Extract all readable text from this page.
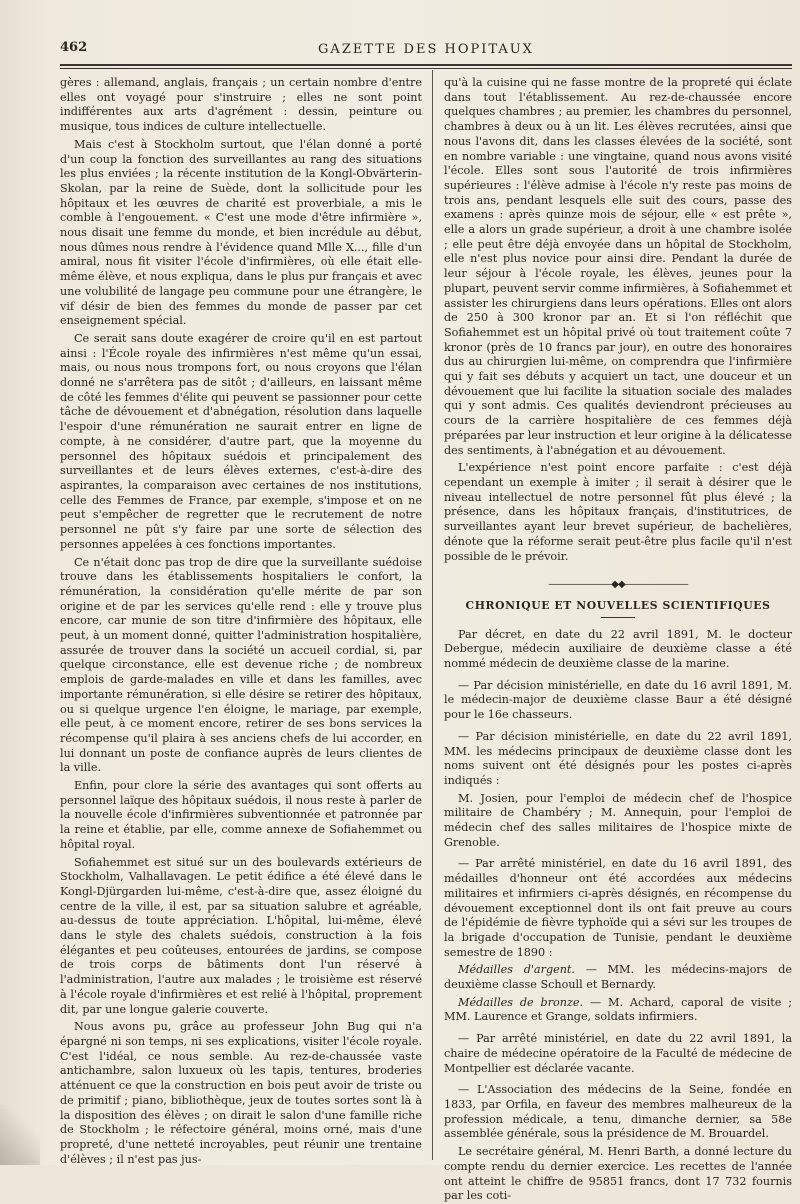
462	GAZETTE DES HOPITAUX

gères : allemand, anglais, français ; un certain nombre d'entre elles ont voyagé pour s'instruire ; elles ne sont point indifférentes aux arts d'agrément : dessin, peinture ou musique, tous indices de culture intellectuelle.

Mais c'est à Stockholm surtout, que l'élan donné a porté d'un coup la fonction des surveillantes au rang des situations les plus enviées ; la récente institution de la Kongl-Obvärterin-Skolan, par la reine de Suède, dont la sollicitude pour les hôpitaux et les œuvres de charité est proverbiale, a mis le comble à l'engouement. « C'est une mode d'être infirmière », nous disait une femme du monde, et bien incrédule au début, nous dûmes nous rendre à l'évidence quand Mlle X..., fille d'un amiral, nous fit visiter l'école d'infirmières, où elle était elle-même élève, et nous expliqua, dans le plus pur français et avec une volubilité de langage peu commune pour une étrangère, le vif désir de bien des femmes du monde de passer par cet enseignement spécial.

Ce serait sans doute exagérer de croire qu'il en est partout ainsi : l'École royale des infirmières n'est même qu'un essai, mais, ou nous nous trompons fort, ou nous croyons que l'élan donné ne s'arrêtera pas de sitôt ; d'ailleurs, en laissant même de côté les femmes d'élite qui peuvent se passionner pour cette tâche de dévouement et d'abnégation, résolution dans laquelle l'espoir d'une rémunération ne saurait entrer en ligne de compte, à ne considérer, d'autre part, que la moyenne du personnel des hôpitaux suédois et principalement des surveillantes et de leurs élèves externes, c'est-à-dire des aspirantes, la comparaison avec certaines de nos institutions, celle des Femmes de France, par exemple, s'impose et on ne peut s'empêcher de regretter que le recrutement de notre personnel ne pût s'y faire par une sorte de sélection des personnes appelées à ces fonctions importantes.

Ce n'était donc pas trop de dire que la surveillante suédoise trouve dans les établissements hospitaliers le confort, la rémunération, la considération qu'elle mérite de par son origine et de par les services qu'elle rend : elle y trouve plus encore, car munie de son titre d'infirmière des hôpitaux, elle peut, à un moment donné, quitter l'administration hospitalière, assurée de trouver dans la société un accueil cordial, si, par quelque circonstance, elle est devenue riche ; de nombreux emplois de garde-malades en ville et dans les familles, avec importante rémunération, si elle désire se retirer des hôpitaux, ou si quelque urgence l'en éloigne, le mariage, par exemple, elle peut, à ce moment encore, retirer de ses bons services la récompense qu'il plaira à ses anciens chefs de lui accorder, en lui donnant un poste de confiance auprès de leurs clientes de la ville.

Enfin, pour clore la série des avantages qui sont offerts au personnel laïque des hôpitaux suédois, il nous reste à parler de la nouvelle école d'infirmières subventionnée et patronnée par la reine et établie, par elle, comme annexe de Sofiahemmet ou hôpital royal.

Sofiahemmet est situé sur un des boulevards extérieurs de Stockholm, Valhallavagen. Le petit édifice a été élevé dans le Kongl-Djürgarden lui-même, c'est-à-dire que, assez éloigné du centre de la ville, il est, par sa situation salubre et agréable, au-dessus de toute appréciation. L'hôpital, lui-même, élevé dans le style des chalets suédois, construction à la fois élégantes et peu coûteuses, entourées de jardins, se compose de trois corps de bâtiments dont l'un réservé à l'administration, l'autre aux malades ; le troisième est réservé à l'école royale d'infirmières et est relié à l'hôpital, proprement dit, par une longue galerie couverte.

Nous avons pu, grâce au professeur John Bug qui n'a épargné ni son temps, ni ses explications, visiter l'école royale. C'est l'idéal, ce nous semble. Au rez-de-chaussée vaste antichambre, salon luxueux où les tapis, tentures, broderies atténuent ce que la construction en bois peut avoir de triste ou de primitif ; piano, bibliothèque, jeux de toutes sortes sont là à la disposition des élèves ; on dirait le salon d'une famille riche de Stockholm ; le réfectoire général, moins orné, mais d'une propreté, d'une netteté incroyables, peut réunir une trentaine d'élèves ; il n'est pas jus-

qu'à la cuisine qui ne fasse montre de la propreté qui éclate dans tout l'établissement. Au rez-de-chaussée encore quelques chambres ; au premier, les chambres du personnel, chambres à deux ou à un lit. Les élèves recrutées, ainsi que nous l'avons dit, dans les classes élevées de la société, sont en nombre variable : une vingtaine, quand nous avons visité l'école. Elles sont sous l'autorité de trois infirmières supérieures : l'élève admise à l'école n'y reste pas moins de trois ans, pendant lesquels elle suit des cours, passe des examens : après quinze mois de séjour, elle « est prête », elle a alors un grade supérieur, a droit à une chambre isolée ; elle peut être déjà envoyée dans un hôpital de Stockholm, elle n'est plus novice pour ainsi dire. Pendant la durée de leur séjour à l'école royale, les élèves, jeunes pour la plupart, peuvent servir comme infirmières, à Sofiahemmet et assister les chirurgiens dans leurs opérations. Elles ont alors de 250 à 300 kronor par an. Et si l'on réfléchit que Sofiahemmet est un hôpital privé où tout traitement coûte 7 kronor (près de 10 francs par jour), en outre des honoraires dus au chirurgien lui-même, on comprendra que l'infirmière qui y fait ses débuts y acquiert un tact, une douceur et un dévouement que lui facilite la situation sociale des malades qui y sont admis. Ces qualités deviendront précieuses au cours de la carrière hospitalière de ces femmes déjà préparées par leur instruction et leur origine à la délicatesse des sentiments, à l'abnégation et au dévouement.

L'expérience n'est point encore parfaite : c'est déjà cependant un exemple à imiter ; il serait à désirer que le niveau intellectuel de notre personnel fût plus élevé ; la présence, dans les hôpitaux français, d'institutrices, de surveillantes ayant leur brevet supérieur, de bachelières, dénote que la réforme serait peut-être plus facile qu'il n'est possible de le prévoir.

———————◆◆———————
CHRONIQUE ET NOUVELLES SCIENTIFIQUES

Par décret, en date du 22 avril 1891, M. le docteur Debergue, médecin auxiliaire de deuxième classe a été nommé médecin de deuxième classe de la marine.

— Par décision ministérielle, en date du 16 avril 1891, M. le médecin-major de deuxième classe Baur a été désigné pour le 16e chasseurs.

— Par décision ministérielle, en date du 22 avril 1891, MM. les médecins principaux de deuxième classe dont les noms suivent ont été désignés pour les postes ci-après indiqués :

M. Josien, pour l'emploi de médecin chef de l'hospice militaire de Chambéry ; M. Annequin, pour l'emploi de médecin chef des salles militaires de l'hospice mixte de Grenoble.

— Par arrêté ministériel, en date du 16 avril 1891, des médailles d'honneur ont été accordées aux médecins militaires et infirmiers ci-après désignés, en récompense du dévouement exceptionnel dont ils ont fait preuve au cours de l'épidémie de fièvre typhoïde qui a sévi sur les troupes de la brigade d'occupation de Tunisie, pendant le deuxième semestre de 1890 :

Médailles d'argent. — MM. les médecins-majors de deuxième classe Schoull et Bernardy.

Médailles de bronze. — M. Achard, caporal de visite ; MM. Laurence et Grange, soldats infirmiers.

— Par arrêté ministériel, en date du 22 avril 1891, la chaire de médecine opératoire de la Faculté de médecine de Montpellier est déclarée vacante.

— L'Association des médecins de la Seine, fondée en 1833, par Orfila, en faveur des membres malheureux de la profession médicale, a tenu, dimanche dernier, sa 58e assemblée générale, sous la présidence de M. Brouardel.

Le secrétaire général, M. Henri Barth, a donné lecture du compte rendu du dernier exercice. Les recettes de l'année ont atteint le chiffre de 95851 francs, dont 17 732 fournis par les coti-
